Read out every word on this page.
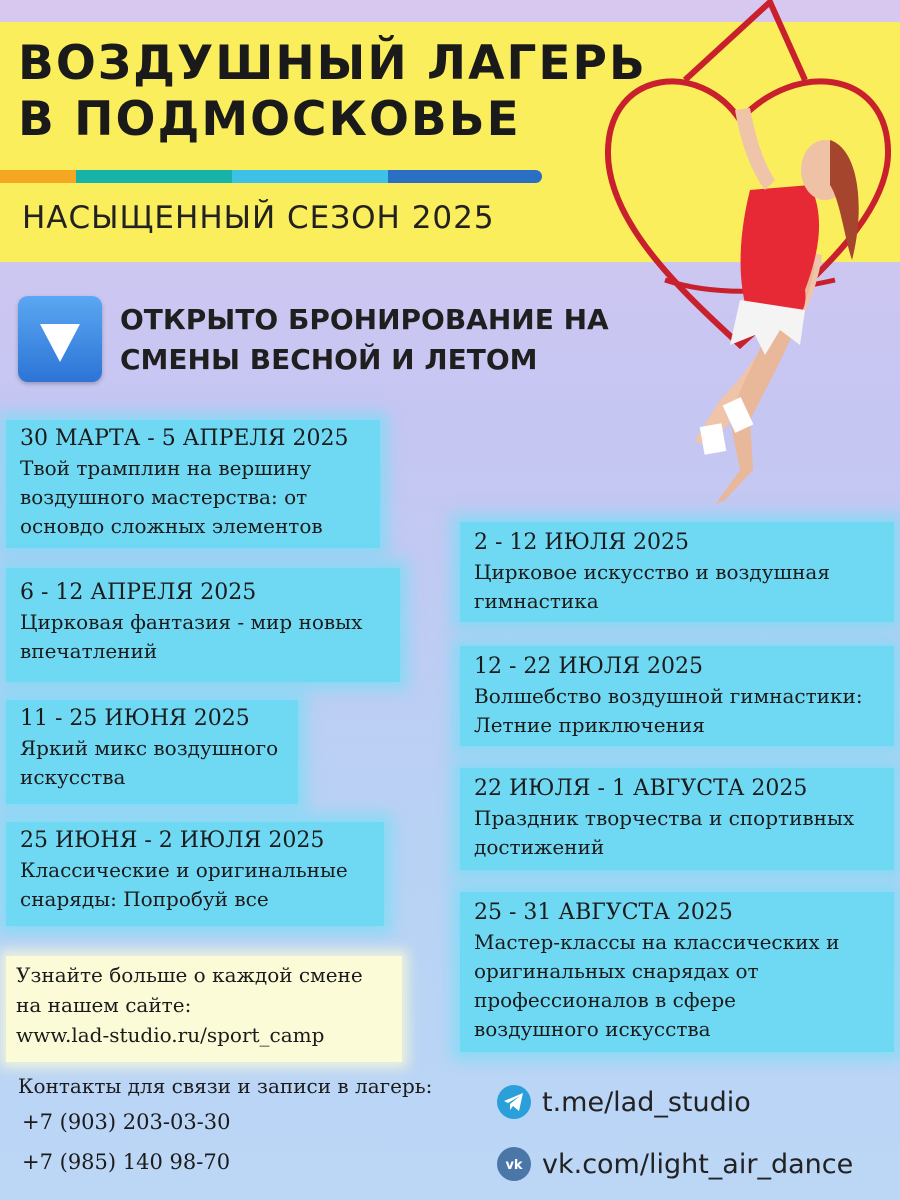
ВОЗДУШНЫЙ ЛАГЕРЬ
В ПОДМОСКОВЬЕ
НАСЫЩЕННЫЙ СЕЗОН 2025

ОТКРЫТО БРОНИРОВАНИЕ НА
СМЕНЫ ВЕСНОЙ И ЛЕТОМ

30 МАРТА - 5 АПРЕЛЯ 2025
Твой трамплин на вершину
воздушного мастерства: от
основдо сложных элементов
6 - 12 АПРЕЛЯ 2025
Цирковая фантазия - мир новых
впечатлений
11 - 25 ИЮНЯ 2025
Яркий микс воздушного
искусства
25 ИЮНЯ - 2 ИЮЛЯ 2025
Классические и оригинальные
снаряды: Попробуй все
2 - 12 ИЮЛЯ 2025
Цирковое искусство и воздушная
гимнастика
12 - 22 ИЮЛЯ 2025
Волшебство воздушной гимнастики:
Летние приключения
22 ИЮЛЯ - 1 АВГУСТА 2025
Праздник творчества и спортивных
достижений
25 - 31 АВГУСТА 2025
Мастер-классы на классических и
оригинальных снарядах от
профессионалов в сфере
воздушного искусства
Узнайте больше о каждой смене
на нашем сайте:
www.lad-studio.ru/sport_camp
Контакты для связи и записи в лагерь:
+7 (903) 203-03-30
+7 (985) 140 98-70
t.me/lad_studio
vk vk.com/light_air_dance
